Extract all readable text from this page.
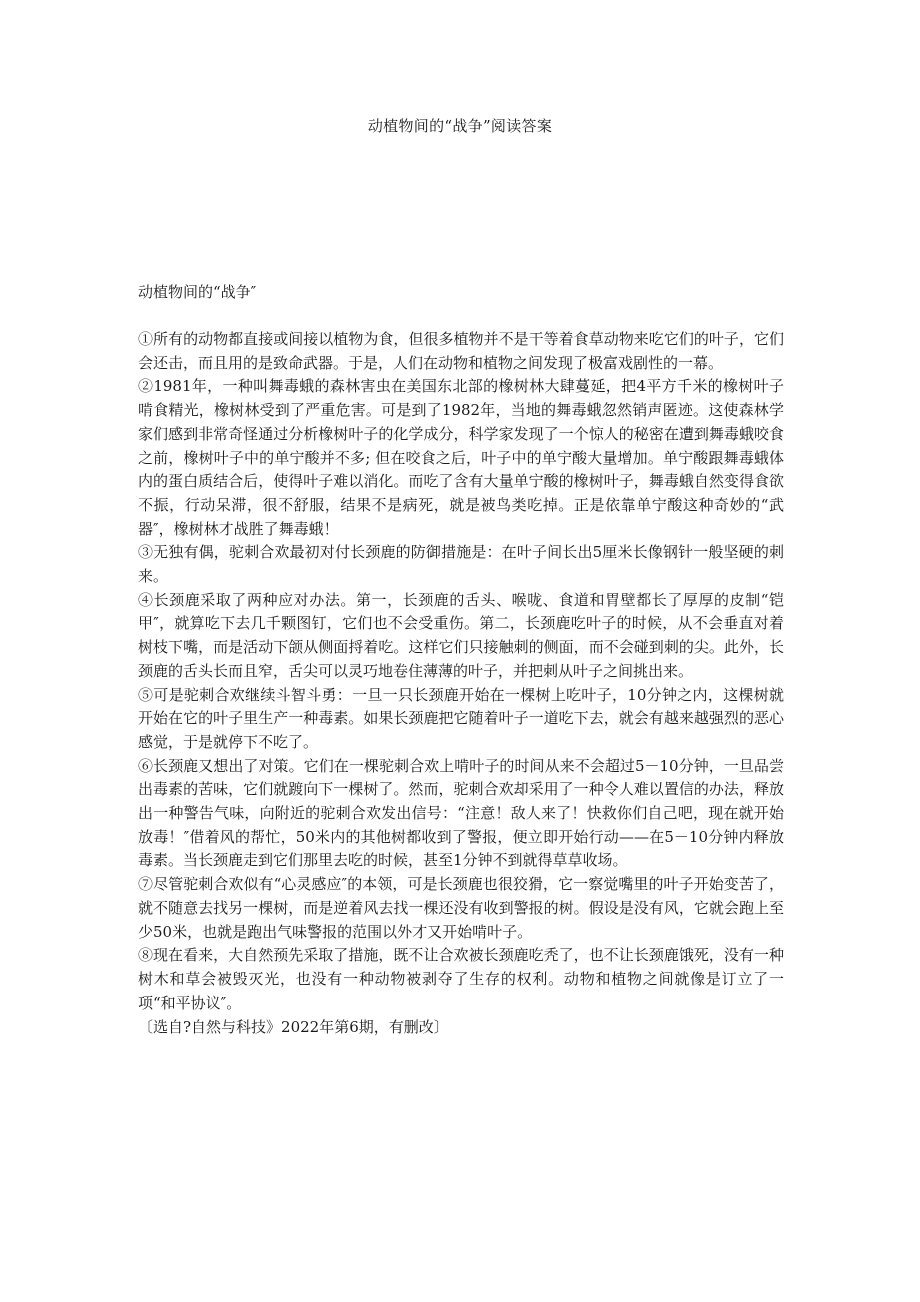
动植物间的“战争”阅读答案

动植物间的“战争″

①所有的动物都直接或间接以植物为食，但很多植物并不是干等着食草动物来吃它们的叶子，它们会还击，而且用的是致命武器。于是，人们在动物和植物之间发现了极富戏剧性的一幕。

②1981年，一种叫舞毒蛾的森林害虫在美国东北部的橡树林大肆蔓延，把4平方千米的橡树叶子啃食精光，橡树林受到了严重危害。可是到了1982年，当地的舞毒蛾忽然销声匿迹。这使森林学家们感到非常奇怪通过分析橡树叶子的化学成分，科学家发现了一个惊人的秘密在遭到舞毒蛾咬食之前，橡树叶子中的单宁酸并不多; 但在咬食之后，叶子中的单宁酸大量增加。单宁酸跟舞毒蛾体内的蛋白质结合后，使得叶子难以消化。而吃了含有大量单宁酸的橡树叶子，舞毒蛾自然变得食欲不振，行动呆滞，很不舒服，结果不是病死，就是被鸟类吃掉。正是依靠单宁酸这种奇妙的“武器″，橡树林才战胜了舞毒蛾！

③无独有偶，驼刺合欢最初对付长颈鹿的防御措施是：在叶子间长出5厘米长像钢针一般坚硬的刺来。

④长颈鹿采取了两种应对办法。第一，长颈鹿的舌头、喉咙、食道和胃壁都长了厚厚的皮制“铠甲″，就算吃下去几千颗图钉，它们也不会受重伤。第二，长颈鹿吃叶子的时候，从不会垂直对着树枝下嘴，而是活动下颌从侧面捋着吃。这样它们只接触刺的侧面，而不会碰到刺的尖。此外，长颈鹿的舌头长而且窄，舌尖可以灵巧地卷住薄薄的叶子，并把刺从叶子之间挑出来。

⑤可是驼刺合欢继续斗智斗勇：一旦一只长颈鹿开始在一棵树上吃叶子，10分钟之内，这棵树就开始在它的叶子里生产一种毒素。如果长颈鹿把它随着叶子一道吃下去，就会有越来越强烈的恶心感觉，于是就停下不吃了。

⑥长颈鹿又想出了对策。它们在一棵驼刺合欢上啃叶子的时间从来不会超过5－10分钟，一旦品尝出毒素的苦味，它们就踱向下一棵树了。然而，驼刺合欢却采用了一种令人难以置信的办法，释放出一种警告气味，向附近的驼刺合欢发出信号：“注意！敌人来了！快救你们自己吧，现在就开始放毒！″借着风的帮忙，50米内的其他树都收到了警报，便立即开始行动——在5－10分钟内释放毒素。当长颈鹿走到它们那里去吃的时候，甚至1分钟不到就得草草收场。

⑦尽管驼刺合欢似有“心灵感应″的本领，可是长颈鹿也很狡猾，它一察觉嘴里的叶子开始变苦了，就不随意去找另一棵树，而是逆着风去找一棵还没有收到警报的树。假设是没有风，它就会跑上至少50米，也就是跑出气味警报的范围以外才又开始啃叶子。

⑧现在看来，大自然预先采取了措施，既不让合欢被长颈鹿吃秃了，也不让长颈鹿饿死，没有一种树木和草会被毁灭光，也没有一种动物被剥夺了生存的权利。动物和植物之间就像是订立了一项“和平协议″。

〔选自?自然与科技》2022年第6期，有删改〕
